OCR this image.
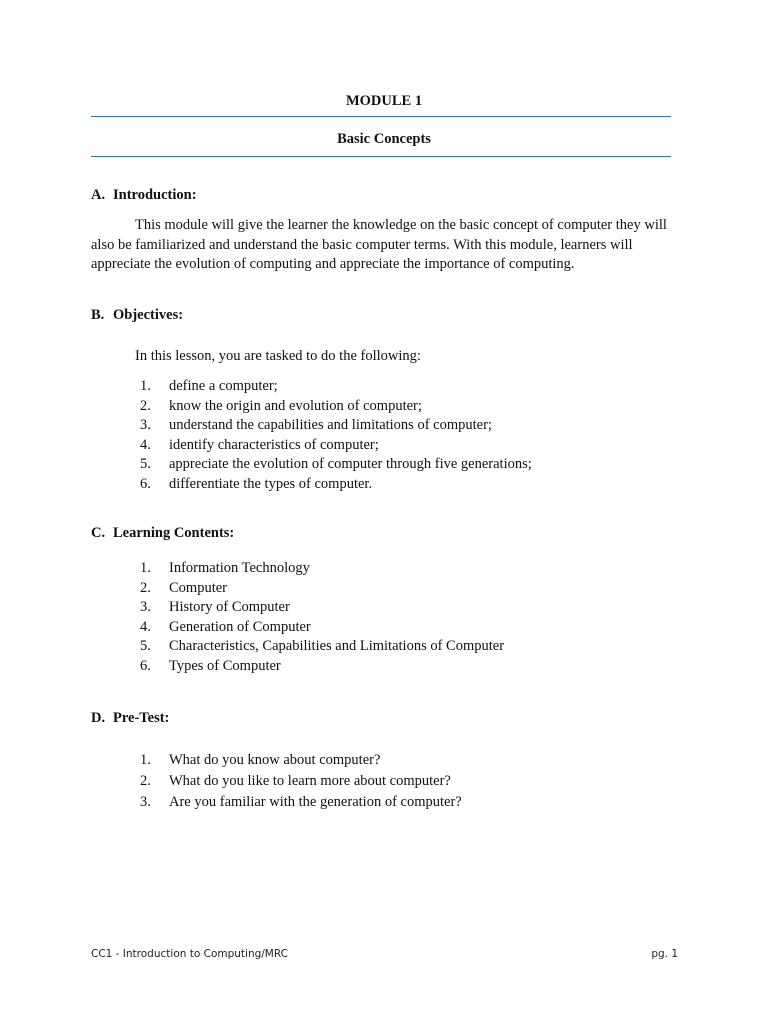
MODULE 1
Basic Concepts
A. Introduction:
This module will give the learner the knowledge on the basic concept of computer they will also be familiarized and understand the basic computer terms. With this module, learners will appreciate the evolution of computing and appreciate the importance of computing.
B. Objectives:
In this lesson, you are tasked to do the following:
1. define a computer;
2. know the origin and evolution of computer;
3. understand the capabilities and limitations of computer;
4. identify characteristics of computer;
5. appreciate the evolution of computer through five generations;
6. differentiate the types of computer.
C. Learning Contents:
1. Information Technology
2. Computer
3. History of Computer
4. Generation of Computer
5. Characteristics, Capabilities and Limitations of Computer
6. Types of Computer
D. Pre-Test:
1. What do you know about computer?
2. What do you like to learn more about computer?
3. Are you familiar with the generation of computer?
CC1 - Introduction to Computing/MRC	pg. 1
